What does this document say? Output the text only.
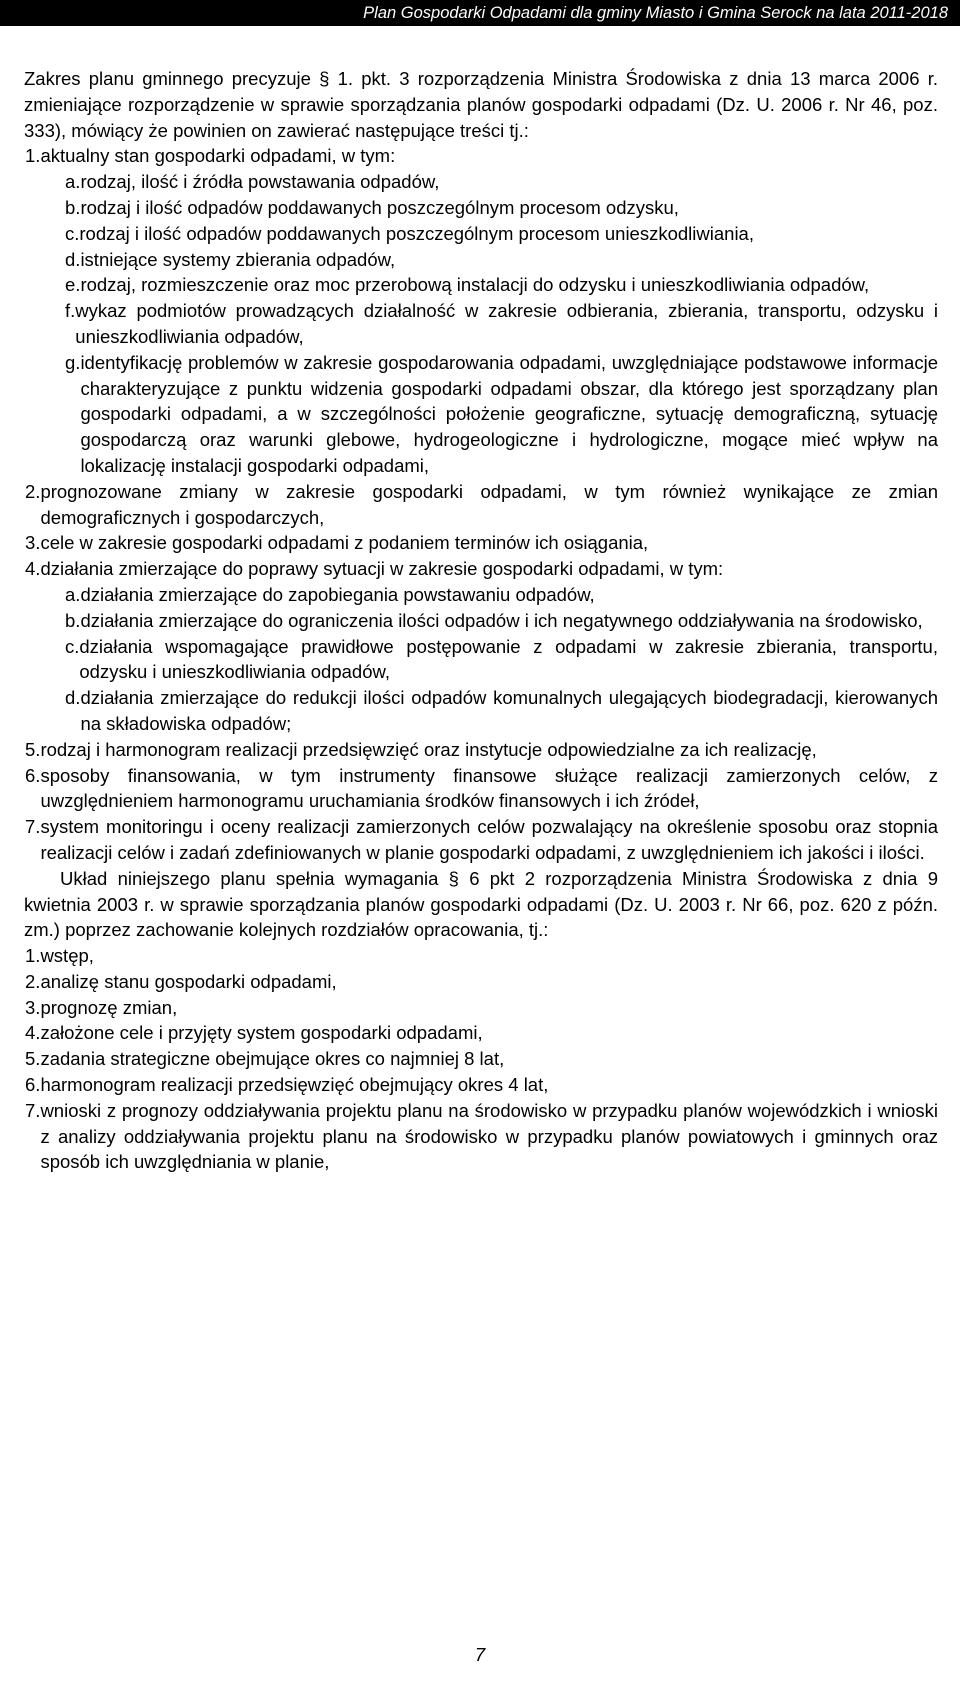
Plan Gospodarki Odpadami dla gminy Miasto i Gmina Serock na lata 2011-2018

Zakres planu gminnego precyzuje § 1. pkt. 3 rozporządzenia Ministra Środowiska z dnia 13 marca 2006 r. zmieniające rozporządzenie w sprawie sporządzania planów gospodarki odpadami (Dz. U. 2006 r. Nr 46, poz. 333), mówiący że powinien on zawierać następujące treści tj.:

1. aktualny stan gospodarki odpadami, w tym:
a. rodzaj, ilość i źródła powstawania odpadów,
b. rodzaj i ilość odpadów poddawanych poszczególnym procesom odzysku,
c. rodzaj i ilość odpadów poddawanych poszczególnym procesom unieszkodliwiania,
d. istniejące systemy zbierania odpadów,
e. rodzaj, rozmieszczenie oraz moc przerobową instalacji do odzysku i unieszkodliwiania odpadów,
f. wykaz podmiotów prowadzących działalność w zakresie odbierania, zbierania, transportu, odzysku i unieszkodliwiania odpadów,
g. identyfikację problemów w zakresie gospodarowania odpadami, uwzględniające podstawowe informacje charakteryzujące z punktu widzenia gospodarki odpadami obszar, dla którego jest sporządzany plan gospodarki odpadami, a w szczególności położenie geograficzne, sytuację demograficzną, sytuację gospodarczą oraz warunki glebowe, hydrogeologiczne i hydrologiczne, mogące mieć wpływ na lokalizację instalacji gospodarki odpadami,
2. prognozowane zmiany w zakresie gospodarki odpadami, w tym również wynikające ze zmian demograficznych i gospodarczych,
3. cele w zakresie gospodarki odpadami z podaniem terminów ich osiągania,
4. działania zmierzające do poprawy sytuacji w zakresie gospodarki odpadami, w tym:
a. działania zmierzające do zapobiegania powstawaniu odpadów,
b. działania zmierzające do ograniczenia ilości odpadów i ich negatywnego oddziaływania na środowisko,
c. działania wspomagające prawidłowe postępowanie z odpadami w zakresie zbierania, transportu, odzysku i unieszkodliwiania odpadów,
d. działania zmierzające do redukcji ilości odpadów komunalnych ulegających biodegradacji, kierowanych na składowiska odpadów;
5. rodzaj i harmonogram realizacji przedsięwzięć oraz instytucje odpowiedzialne za ich realizację,
6. sposoby finansowania, w tym instrumenty finansowe służące realizacji zamierzonych celów, z uwzględnieniem harmonogramu uruchamiania środków finansowych i ich źródeł,
7. system monitoringu i oceny realizacji zamierzonych celów pozwalający na określenie sposobu oraz stopnia realizacji celów i zadań zdefiniowanych w planie gospodarki odpadami, z uwzględnieniem ich jakości i ilości.

Układ niniejszego planu spełnia wymagania § 6 pkt 2 rozporządzenia Ministra Środowiska z dnia 9 kwietnia 2003 r. w sprawie sporządzania planów gospodarki odpadami (Dz. U. 2003 r. Nr 66, poz. 620 z późn. zm.) poprzez zachowanie kolejnych rozdziałów opracowania, tj.:

1. wstęp,
2. analizę stanu gospodarki odpadami,
3. prognozę zmian,
4. założone cele i przyjęty system gospodarki odpadami,
5. zadania strategiczne obejmujące okres co najmniej 8 lat,
6. harmonogram realizacji przedsięwzięć obejmujący okres 4 lat,
7. wnioski z prognozy oddziaływania projektu planu na środowisko w przypadku planów wojewódzkich i wnioski z analizy oddziaływania projektu planu na środowisko w przypadku planów powiatowych i gminnych oraz sposób ich uwzględniania w planie,
7
